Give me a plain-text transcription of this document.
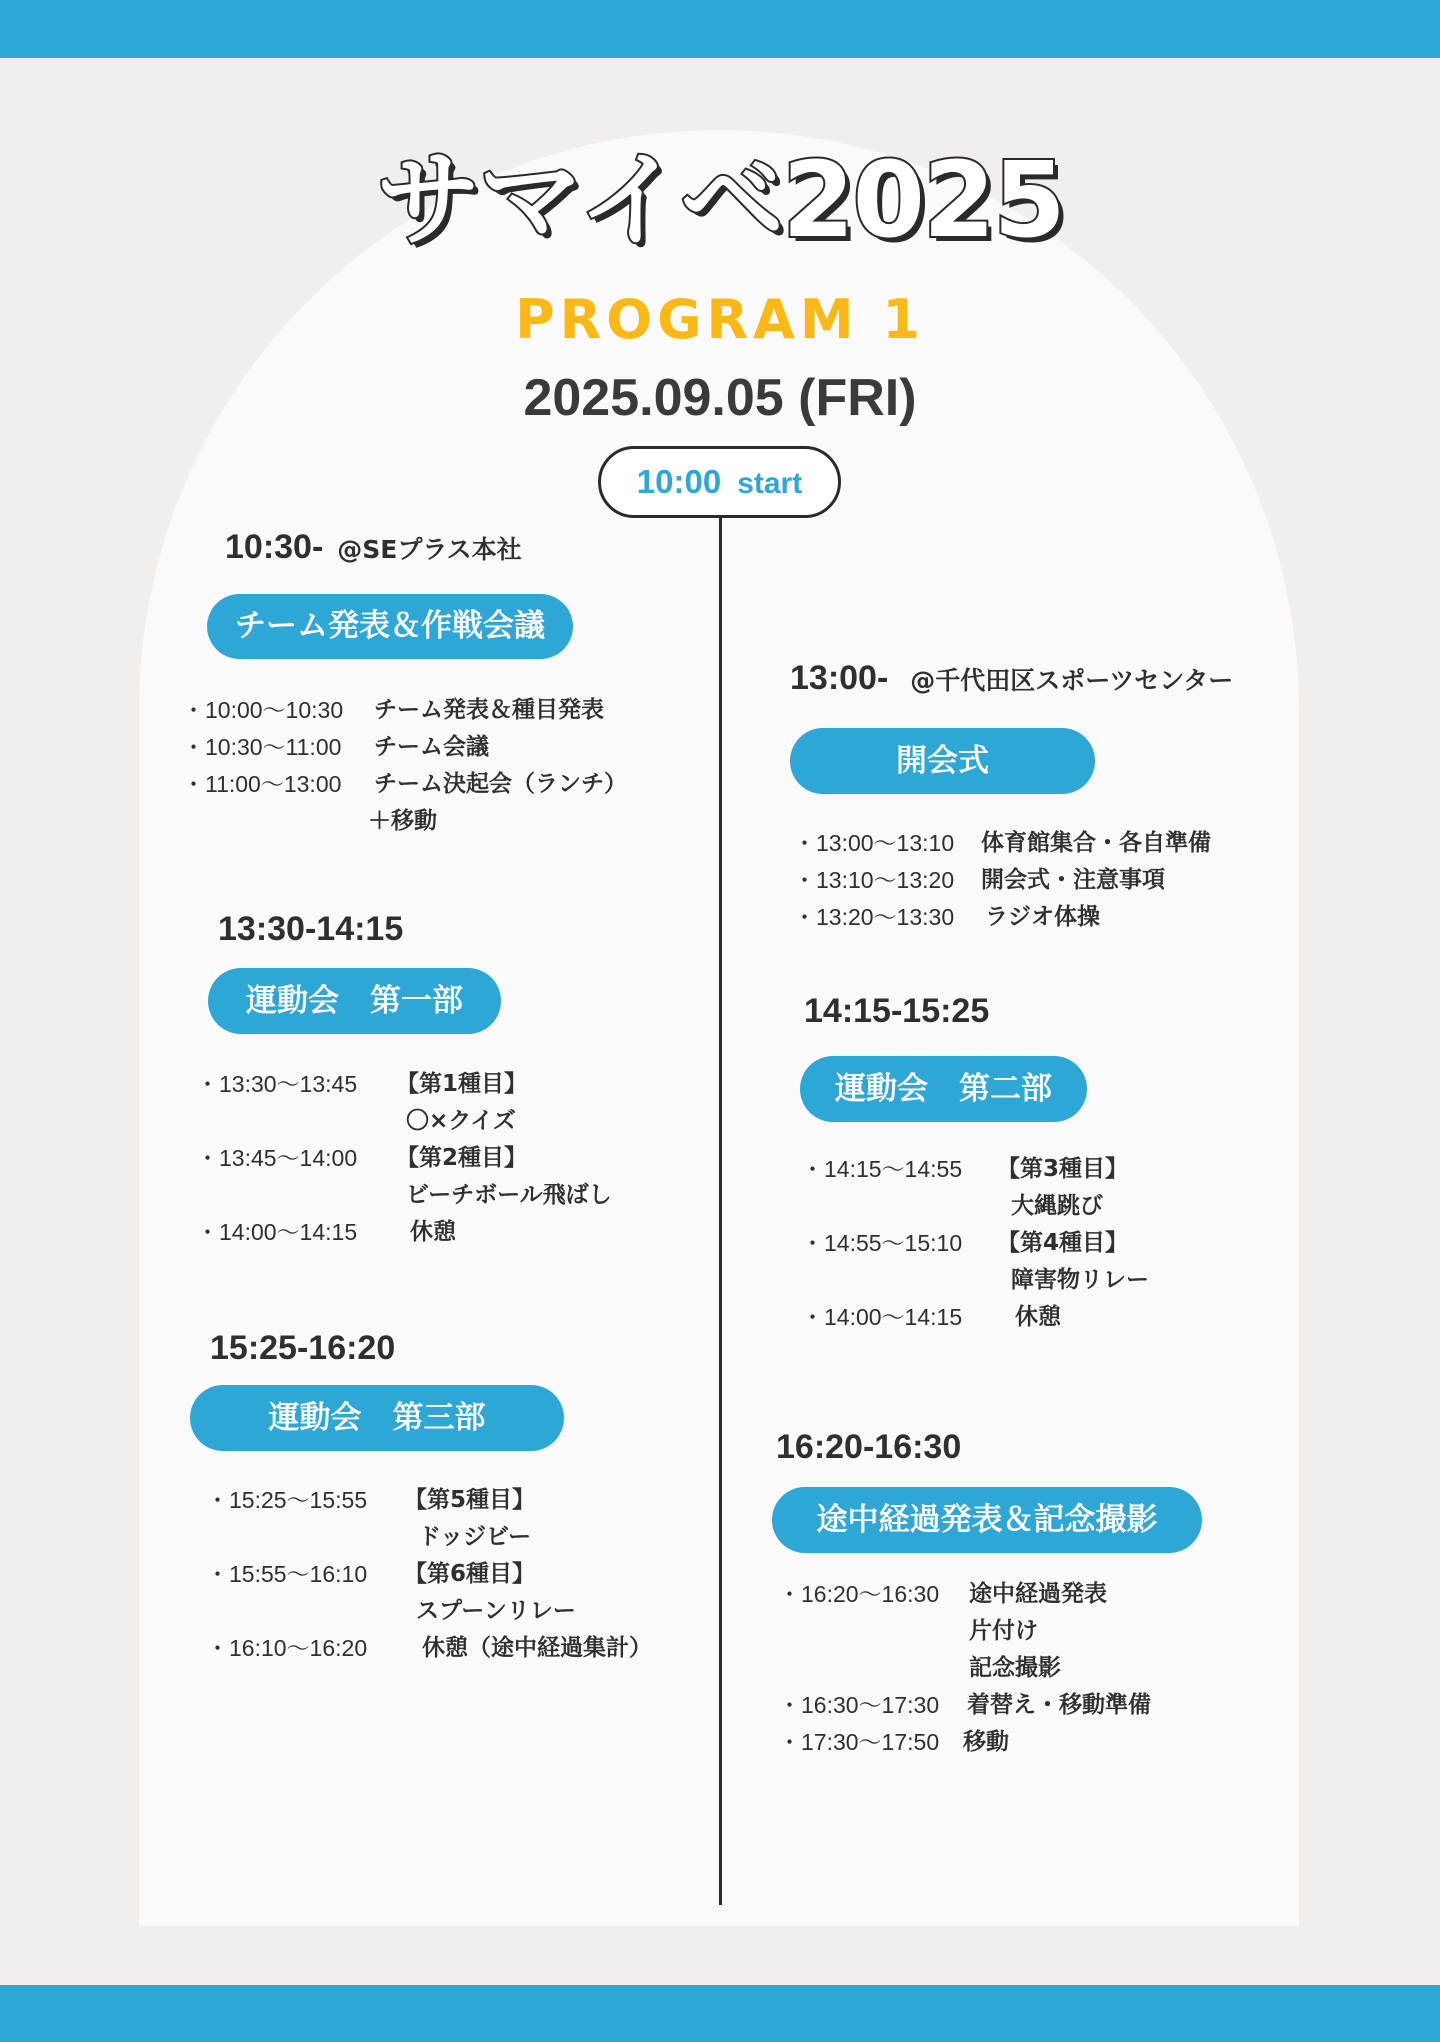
サマイベ2025
PROGRAM 1
2025.09.05 (FRI)
10:00 start
10:30- @SEプラス本社
チーム発表＆作戦会議
・10:00〜10:30 チーム発表＆種目発表
・10:30〜11:00 チーム会議
・11:00〜13:00 チーム決起会（ランチ）
＋移動
13:30-14:15
運動会　第一部
・13:30〜13:45 【第1種目】
〇×クイズ
・13:45〜14:00 【第2種目】
ビーチボール飛ばし
・14:00〜14:15 休憩
15:25-16:20
運動会　第三部
・15:25〜15:55 【第5種目】
ドッジビー
・15:55〜16:10 【第6種目】
スプーンリレー
・16:10〜16:20 休憩（途中経過集計）
13:00- @千代田区スポーツセンター
開会式
・13:00〜13:10 体育館集合・各自準備
・13:10〜13:20 開会式・注意事項
・13:20〜13:30 ラジオ体操
14:15-15:25
運動会　第二部
・14:15〜14:55 【第3種目】
大縄跳び
・14:55〜15:10 【第4種目】
障害物リレー
・14:00〜14:15 休憩
16:20-16:30
途中経過発表＆記念撮影
・16:20〜16:30 途中経過発表
片付け
記念撮影
・16:30〜17:30 着替え・移動準備
・17:30〜17:50 移動
